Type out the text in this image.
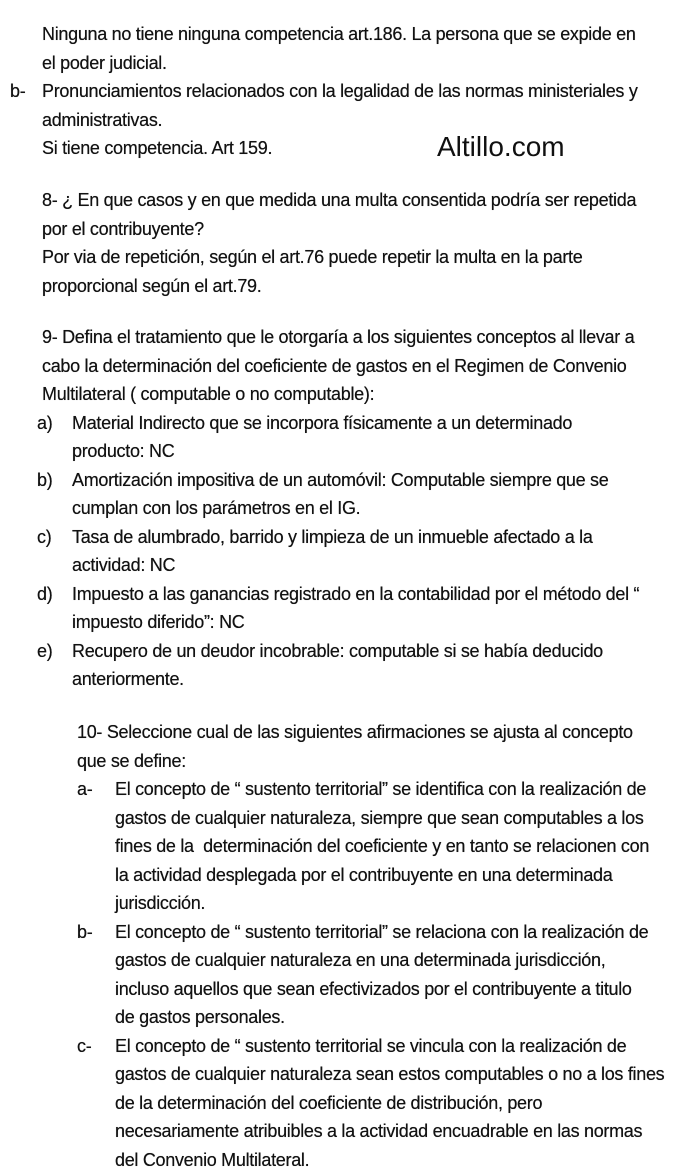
Ninguna no tiene ninguna competencia art.186. La persona que se expide en
el poder judicial.
b- Pronunciamientos relacionados con la legalidad de las normas ministeriales y
administrativas.
Si tiene competencia. Art 159.	Altillo.com
8- ¿ En que casos y en que medida una multa consentida podría ser repetida
por el contribuyente?
Por via de repetición, según el art.76 puede repetir la multa en la parte
proporcional según el art.79.
9- Defina el tratamiento que le otorgaría a los siguientes conceptos al llevar a
cabo la determinación del coeficiente de gastos en el Regimen de Convenio
Multilateral ( computable o no computable):
a) Material Indirecto que se incorpora físicamente a un determinado
producto: NC
b) Amortización impositiva de un automóvil: Computable siempre que se
cumplan con los parámetros en el IG.
c) Tasa de alumbrado, barrido y limpieza de un inmueble afectado a la
actividad: NC
d) Impuesto a las ganancias registrado en la contabilidad por el método del “
impuesto diferido”: NC
e) Recupero de un deudor incobrable: computable si se había deducido
anteriormente.
10- Seleccione cual de las siguientes afirmaciones se ajusta al concepto
que se define:
a- El concepto de “ sustento territorial” se identifica con la realización de
gastos de cualquier naturaleza, siempre que sean computables a los
fines de la  determinación del coeficiente y en tanto se relacionen con
la actividad desplegada por el contribuyente en una determinada
jurisdicción.
b- El concepto de “ sustento territorial” se relaciona con la realización de
gastos de cualquier naturaleza en una determinada jurisdicción,
incluso aquellos que sean efectivizados por el contribuyente a titulo
de gastos personales.
c- El concepto de “ sustento territorial se vincula con la realización de
gastos de cualquier naturaleza sean estos computables o no a los fines
de la determinación del coeficiente de distribución, pero
necesariamente atribuibles a la actividad encuadrable en las normas
del Convenio Multilateral.
